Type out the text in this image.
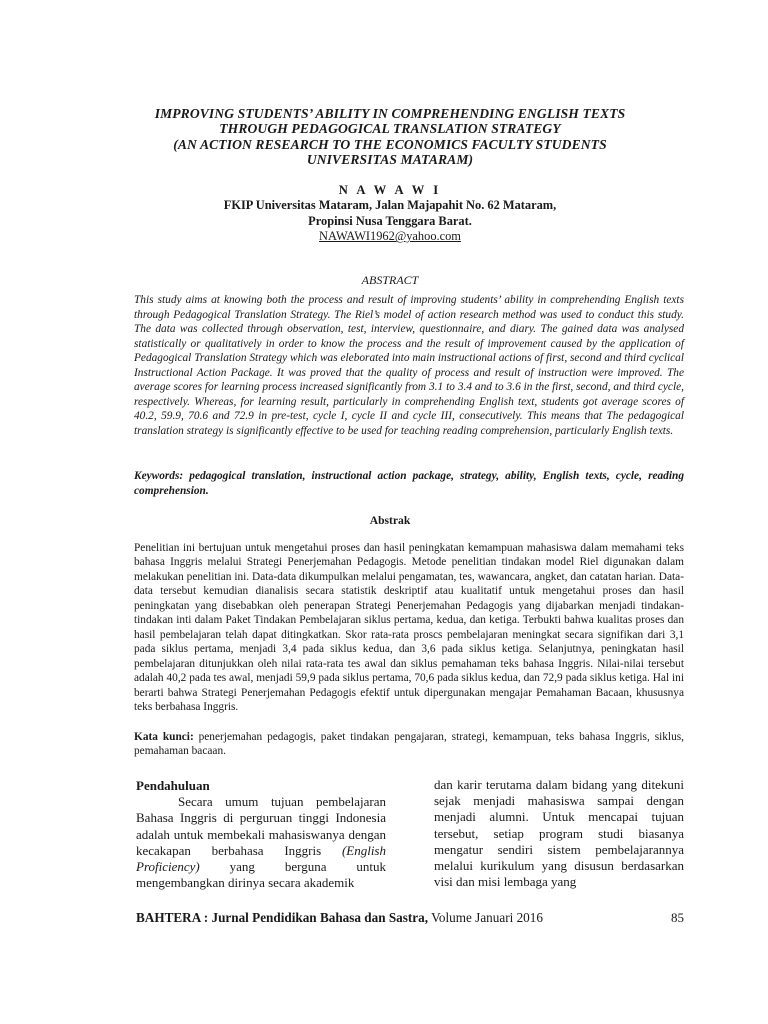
IMPROVING STUDENTS’ ABILITY IN COMPREHENDING ENGLISH TEXTS
THROUGH PEDAGOGICAL TRANSLATION STRATEGY
(AN ACTION RESEARCH TO THE ECONOMICS FACULTY STUDENTS
UNIVERSITAS MATARAM)
N A W A W I
FKIP Universitas Mataram, Jalan Majapahit No. 62 Mataram,
Propinsi Nusa Tenggara Barat.
NAWAWI1962@yahoo.com
ABSTRACT
This study aims at knowing both the process and result of improving students’ ability in comprehending English texts through Pedagogical Translation Strategy. The Riel’s model of action research method was used to conduct this study. The data was collected through observation, test, interview, questionnaire, and diary. The gained data was analysed statistically or qualitatively in order to know the process and the result of improvement caused by the application of Pedagogical Translation Strategy which was eleborated into main instructional actions of first, second and third cyclical Instructional Action Package. It was proved that the quality of process and result of instruction were improved. The average scores for learning process increased significantly from 3.1 to 3.4 and to 3.6 in the first, second, and third cycle, respectively. Whereas, for learning result, particularly in comprehending English text, students got average scores of 40.2, 59.9, 70.6 and 72.9 in pre-test, cycle I, cycle II and cycle III, consecutively. This means that The pedagogical translation strategy is significantly effective to be used for teaching reading comprehension, particularly English texts.
Keywords: pedagogical translation, instructional action package, strategy, ability, English texts, cycle, reading comprehension.
Abstrak
Penelitian ini bertujuan untuk mengetahui proses dan hasil peningkatan kemampuan mahasiswa dalam memahami teks bahasa Inggris melalui Strategi Penerjemahan Pedagogis. Metode penelitian tindakan model Riel digunakan dalam melakukan penelitian ini. Data-data dikumpulkan melalui pengamatan, tes, wawancara, angket, dan catatan harian. Data-data tersebut kemudian dianalisis secara statistik deskriptif atau kualitatif untuk mengetahui proses dan hasil peningkatan yang disebabkan oleh penerapan Strategi Penerjemahan Pedagogis yang dijabarkan menjadi tindakan-tindakan inti dalam Paket Tindakan Pembelajaran siklus pertama, kedua, dan ketiga. Terbukti bahwa kualitas proses dan hasil pembelajaran telah dapat ditingkatkan. Skor rata-rata proscs pembelajaran meningkat secara signifikan dari 3,1 pada siklus pertama, menjadi 3,4 pada siklus kedua, dan 3,6 pada siklus ketiga. Selanjutnya, peningkatan hasil pembelajaran ditunjukkan oleh nilai rata-rata tes awal dan siklus pemahaman teks bahasa Inggris. Nilai-nilai tersebut adalah 40,2 pada tes awal, menjadi 59,9 pada siklus pertama, 70,6 pada siklus kedua, dan 72,9 pada siklus ketiga. Hal ini berarti bahwa Strategi Penerjemahan Pedagogis efektif untuk dipergunakan mengajar Pemahaman Bacaan, khususnya teks berbahasa Inggris.
Kata kunci: penerjemahan pedagogis, paket tindakan pengajaran, strategi, kemampuan, teks bahasa Inggris, siklus, pemahaman bacaan.
Pendahuluan
Secara umum tujuan pembelajaran Bahasa Inggris di perguruan tinggi Indonesia adalah untuk membekali mahasiswanya dengan kecakapan berbahasa Inggris (English Proficiency) yang berguna untuk mengembangkan dirinya secara akademik
dan karir terutama dalam bidang yang ditekuni sejak menjadi mahasiswa sampai dengan menjadi alumni. Untuk mencapai tujuan tersebut, setiap program studi biasanya mengatur sendiri sistem pembelajarannya melalui kurikulum yang disusun berdasarkan visi dan misi lembaga yang
BAHTERA : Jurnal Pendidikan Bahasa dan Sastra, Volume Januari 2016	85
